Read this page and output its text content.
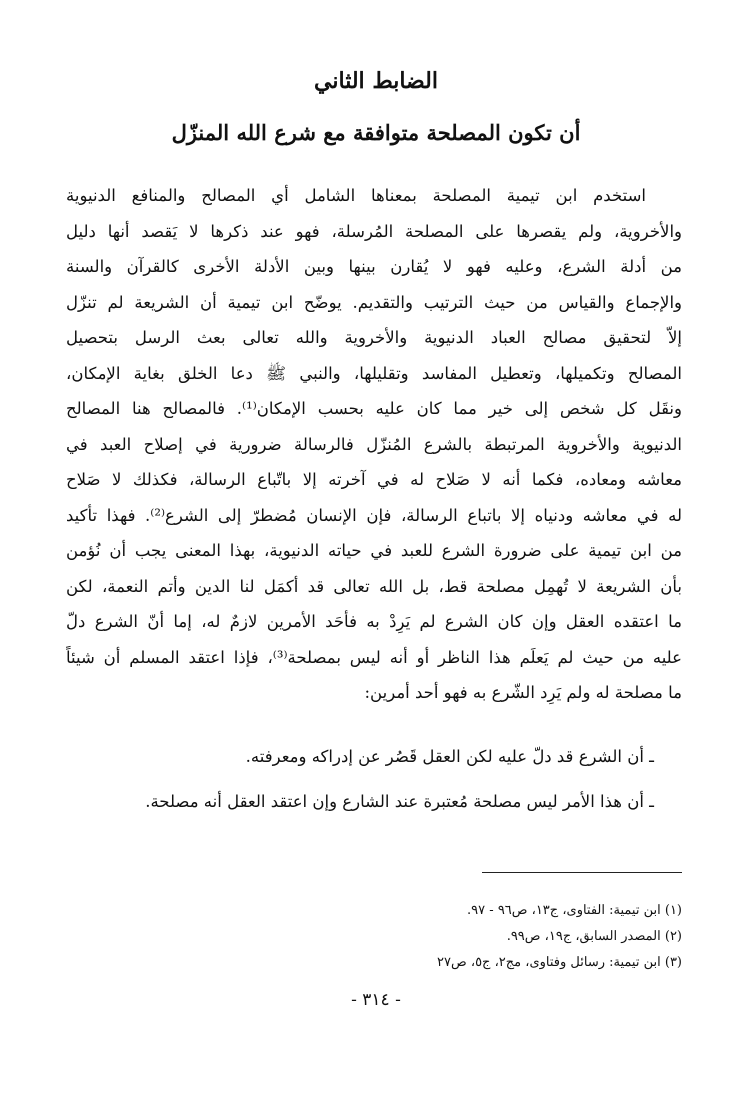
الضابط الثاني
أن تكون المصلحة متوافقة مع شرع الله المنزّل
استخدم ابن تيمية المصلحة بمعناها الشامل أي المصالح والمنافع الدنيوية
والأخروية، ولم يقصرها على المصلحة المُرسلة، فهو عند ذكرها لا يَقصد أنها دليل
من أدلة الشرع، وعليه فهو لا يُقارن بينها وبين الأدلة الأخرى كالقرآن والسنة
والإجماع والقياس من حيث الترتيب والتقديم. يوضّح ابن تيمية أن الشريعة لم تنزّل
إلاّ لتحقيق مصالح العباد الدنيوية والأخروية والله تعالى بعث الرسل بتحصيل
المصالح وتكميلها، وتعطيل المفاسد وتقليلها، والنبي ﷺ دعا الخلق بغاية الإمكان،
ونقَل كل شخص إلى خير مما كان عليه بحسب الإمكان⁽¹⁾. فالمصالح هنا المصالح
الدنيوية والأخروية المرتبطة بالشرع المُنزّل فالرسالة ضرورية في إصلاح العبد في
معاشه ومعاده، فكما أنه لا صَلاح له في آخرته إلا باتّباع الرسالة، فكذلك لا صَلاح
له في معاشه ودنياه إلا باتباع الرسالة، فإن الإنسان مُضطرّ إلى الشرع⁽²⁾. فهذا تأكيد
من ابن تيمية على ضرورة الشرع للعبد في حياته الدنيوية، بهذا المعنى يجب أن نُؤمن
بأن الشريعة لا تُهمِل مصلحة قط، بل الله تعالى قد أكمَل لنا الدين وأتم النعمة، لكن
ما اعتقده العقل وإن كان الشرع لم يَرِدْ به فأحَد الأمرين لازمٌ له، إما أنّ الشرع دلّ
عليه من حيث لم يَعلَم هذا الناظر أو أنه ليس بمصلحة⁽³⁾، فإذا اعتقد المسلم أن شيئاً
ما مصلحة له ولم يَرِد الشّرع به فهو أحد أمرين:
ـ أن الشرع قد دلّ عليه لكن العقل قَصُر عن إدراكه ومعرفته.
ـ أن هذا الأمر ليس مصلحة مُعتبرة عند الشارع وإن اعتقد العقل أنه مصلحة.
(١) ابن تيمية: الفتاوى، ج١٣، ص٩٦ - ٩٧.
(٢) المصدر السابق، ج١٩، ص٩٩.
(٣) ابن تيمية: رسائل وفتاوى، مج٢، ج٥، ص٢٧
- ٣١٤ -
